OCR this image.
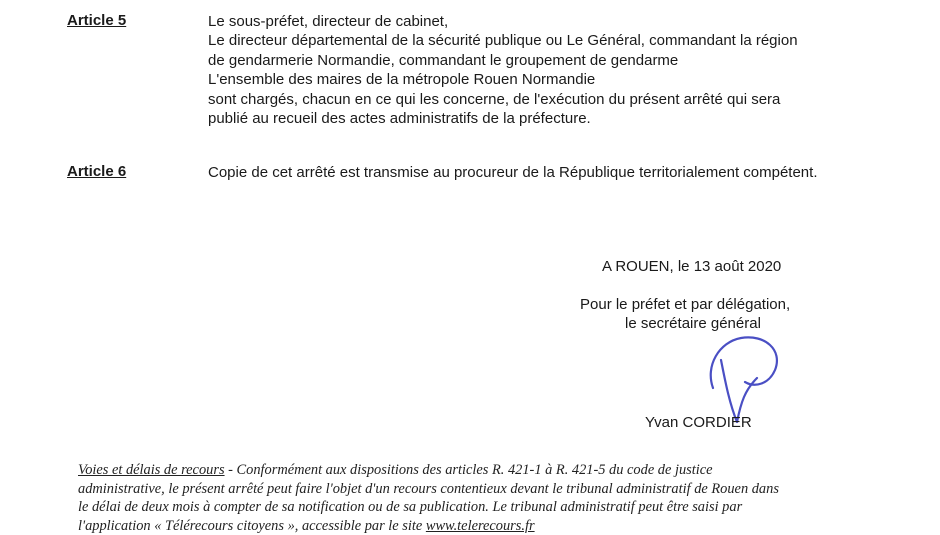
Article 5	Le sous-préfet, directeur de cabinet,
Le directeur départemental de la sécurité publique ou Le Général, commandant la région
de gendarmerie Normandie, commandant le groupement de gendarme
L'ensemble des maires de la métropole Rouen Normandie
sont chargés, chacun en ce qui les concerne, de l'exécution du présent arrêté qui sera
publié au recueil des actes administratifs de la préfecture.
Article 6	Copie de cet arrêté est transmise au procureur de la République territorialement compétent.
A ROUEN, le 13 août 2020
Pour le préfet et par délégation,
le secrétaire général
Yvan CORDIER
Voies et délais de recours - Conformément aux dispositions des articles R. 421-1 à R. 421-5 du code de justice
administrative, le présent arrêté peut faire l'objet d'un recours contentieux devant le tribunal administratif de Rouen dans
le délai de deux mois à compter de sa notification ou de sa publication. Le tribunal administratif peut être saisi par
l'application « Télérecours citoyens », accessible par le site www.telerecours.fr
